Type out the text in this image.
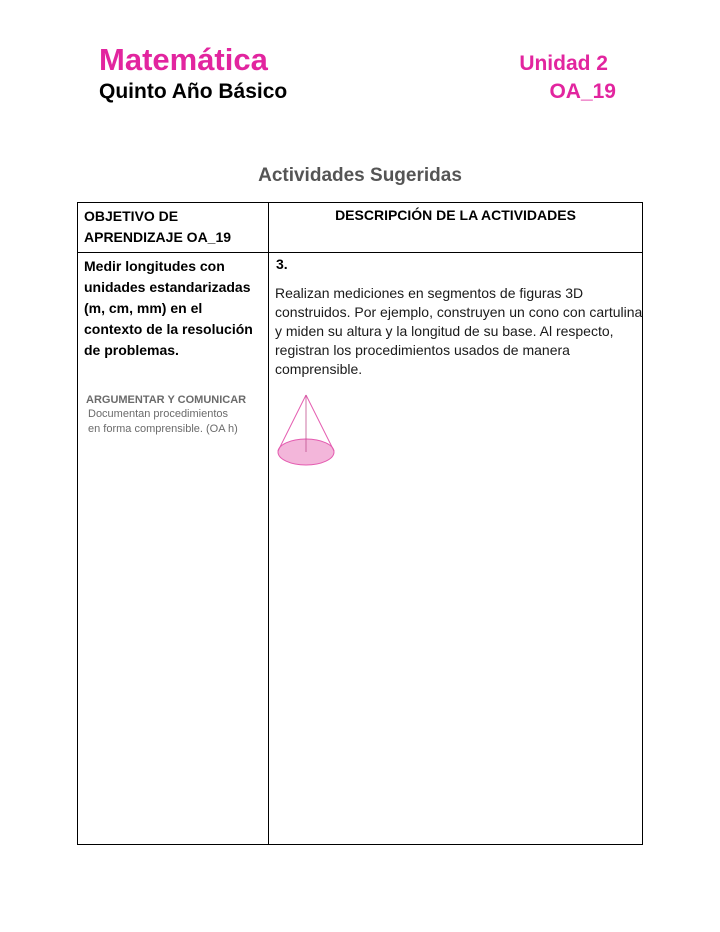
Matemática
Quinto Año Básico
Unidad 2
OA_19
Actividades Sugeridas
OBJETIVO DE APRENDIZAJE OA_19
DESCRIPCIÓN DE LA ACTIVIDADES
Medir longitudes con unidades estandarizadas (m, cm, mm) en el contexto de la resolución de problemas.
ARGUMENTAR Y COMUNICAR
Documentan procedimientos
en forma comprensible. (OA h)
3.
Realizan mediciones en segmentos de figuras 3D construidos. Por ejemplo, construyen un cono con cartulina y miden su altura y la longitud de su base. Al respecto, registran los procedimientos usados de manera comprensible.
